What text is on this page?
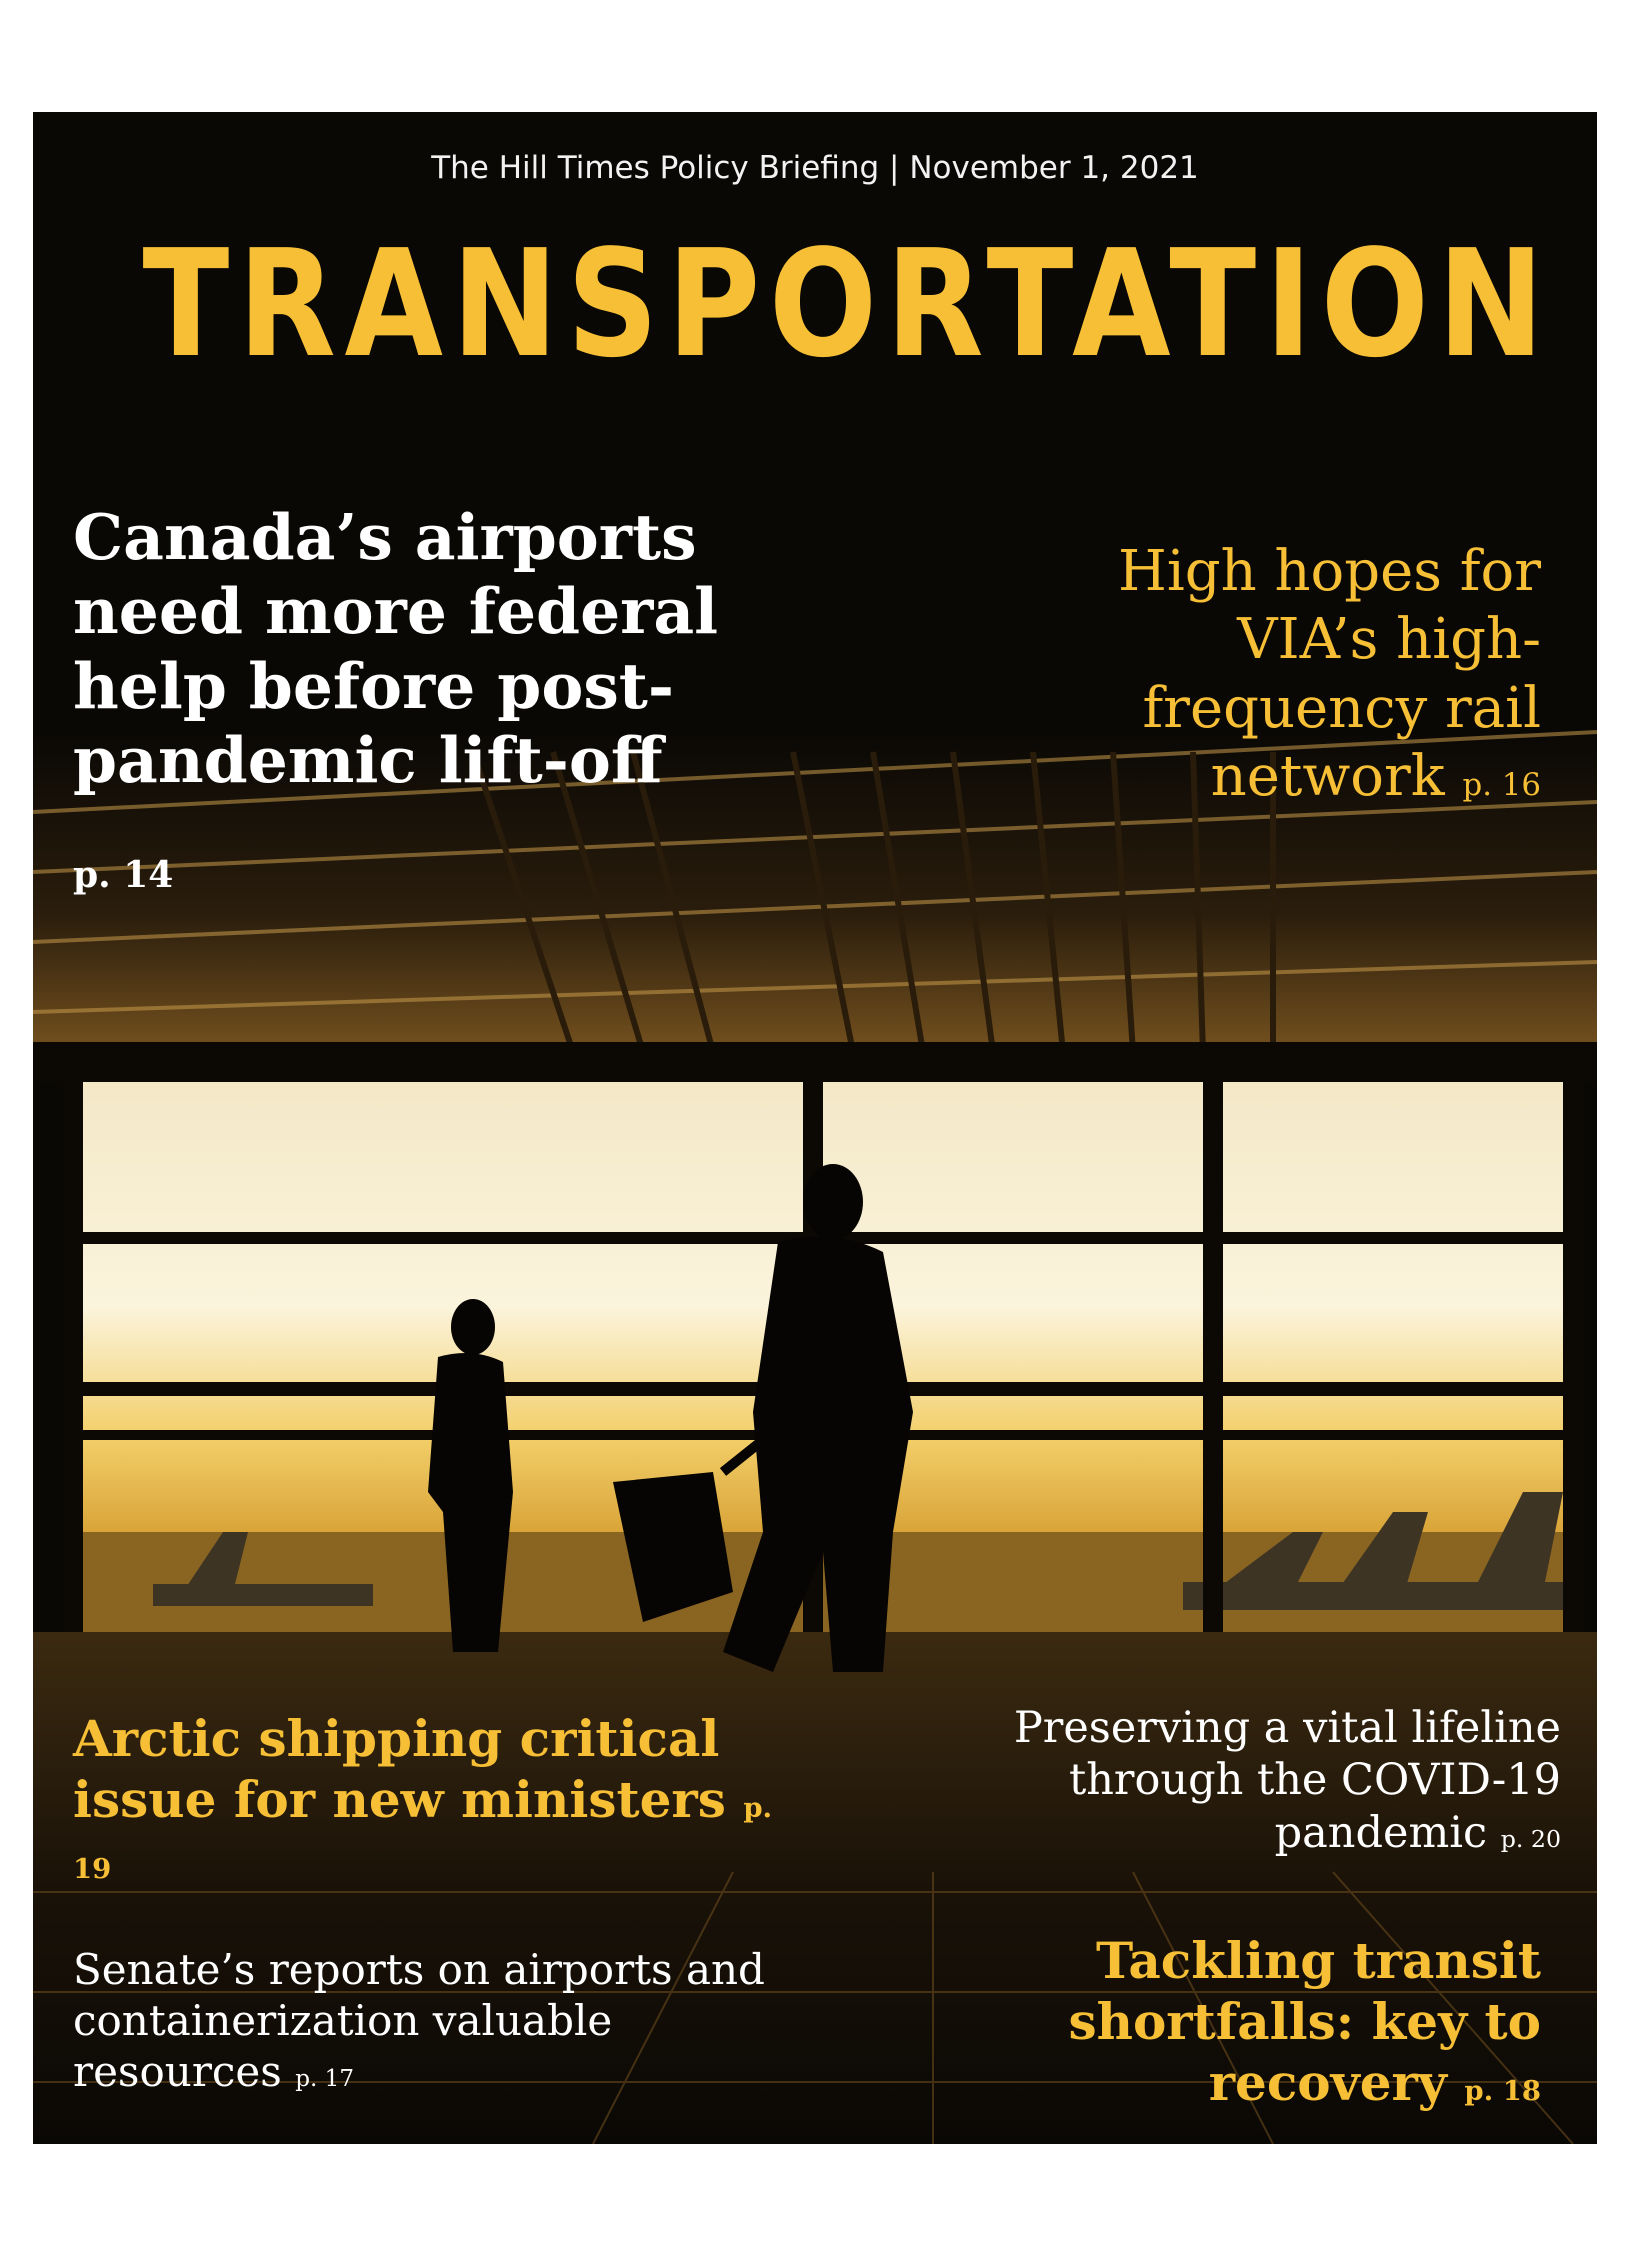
The Hill Times Policy Briefing | November 1, 2021
TRANSPORTATION
Canada’s airports need more federal help before post-pandemic lift-off
p. 14
High hopes for VIA’s high-frequency rail network p. 16
Arctic shipping critical issue for new ministers p. 19
Preserving a vital lifeline through the COVID-19 pandemic p. 20
Senate’s reports on airports and containerization valuable resources p. 17
Tackling transit shortfalls: key to recovery p. 18
